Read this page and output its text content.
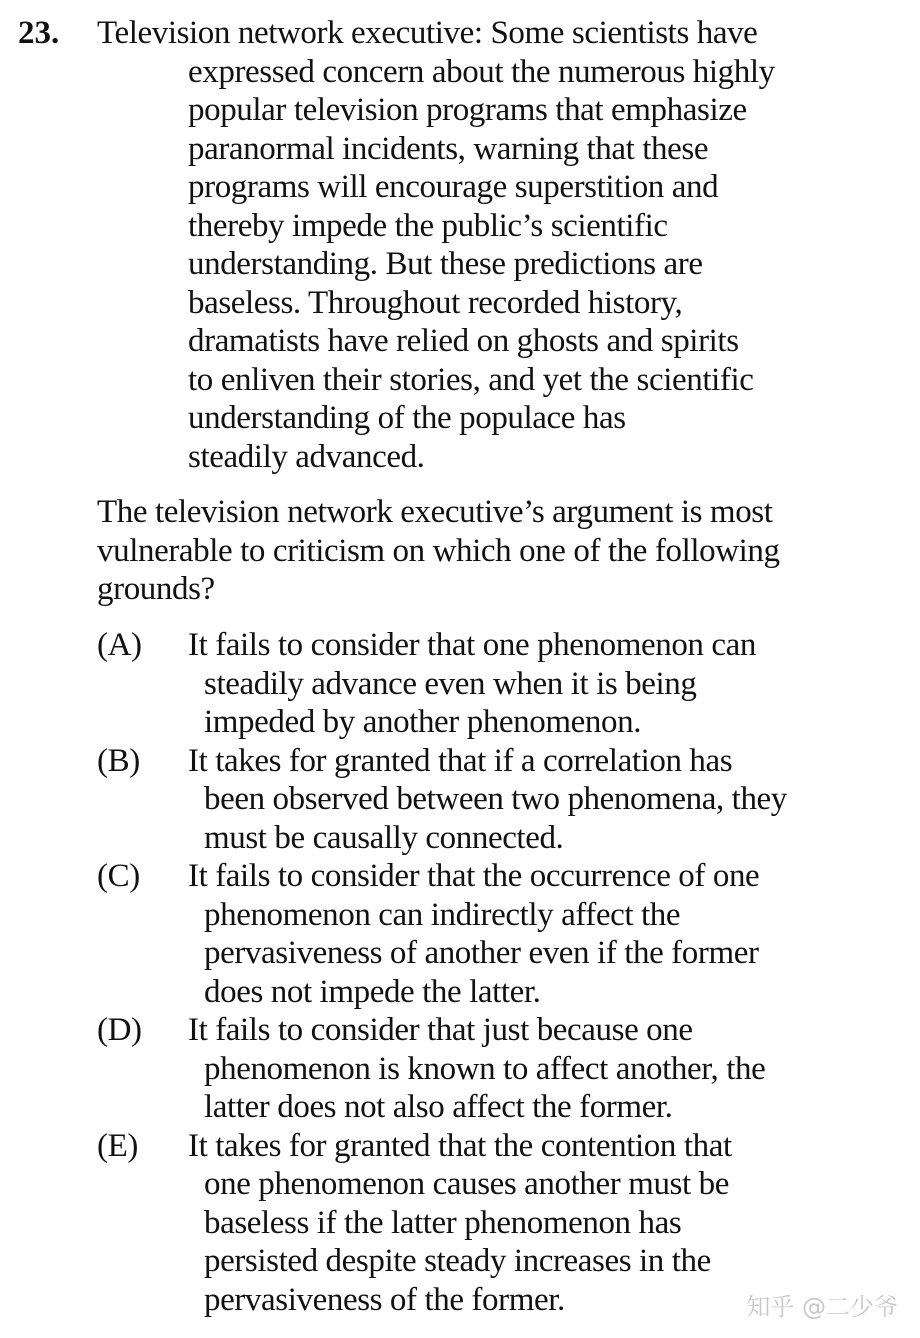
23. Television network executive: Some scientists have
expressed concern about the numerous highly
popular television programs that emphasize
paranormal incidents, warning that these
programs will encourage superstition and
thereby impede the public’s scientific
understanding. But these predictions are
baseless. Throughout recorded history,
dramatists have relied on ghosts and spirits
to enliven their stories, and yet the scientific
understanding of the populace has
steadily advanced.
The television network executive’s argument is most
vulnerable to criticism on which one of the following
grounds?
(A)	It fails to consider that one phenomenon can
steadily advance even when it is being
impeded by another phenomenon.
(B)	It takes for granted that if a correlation has
been observed between two phenomena, they
must be causally connected.
(C)	It fails to consider that the occurrence of one
phenomenon can indirectly affect the
pervasiveness of another even if the former
does not impede the latter.
(D)	It fails to consider that just because one
phenomenon is known to affect another, the
latter does not also affect the former.
(E)	It takes for granted that the contention that
one phenomenon causes another must be
baseless if the latter phenomenon has
persisted despite steady increases in the
pervasiveness of the former.	知乎 @二少爷
